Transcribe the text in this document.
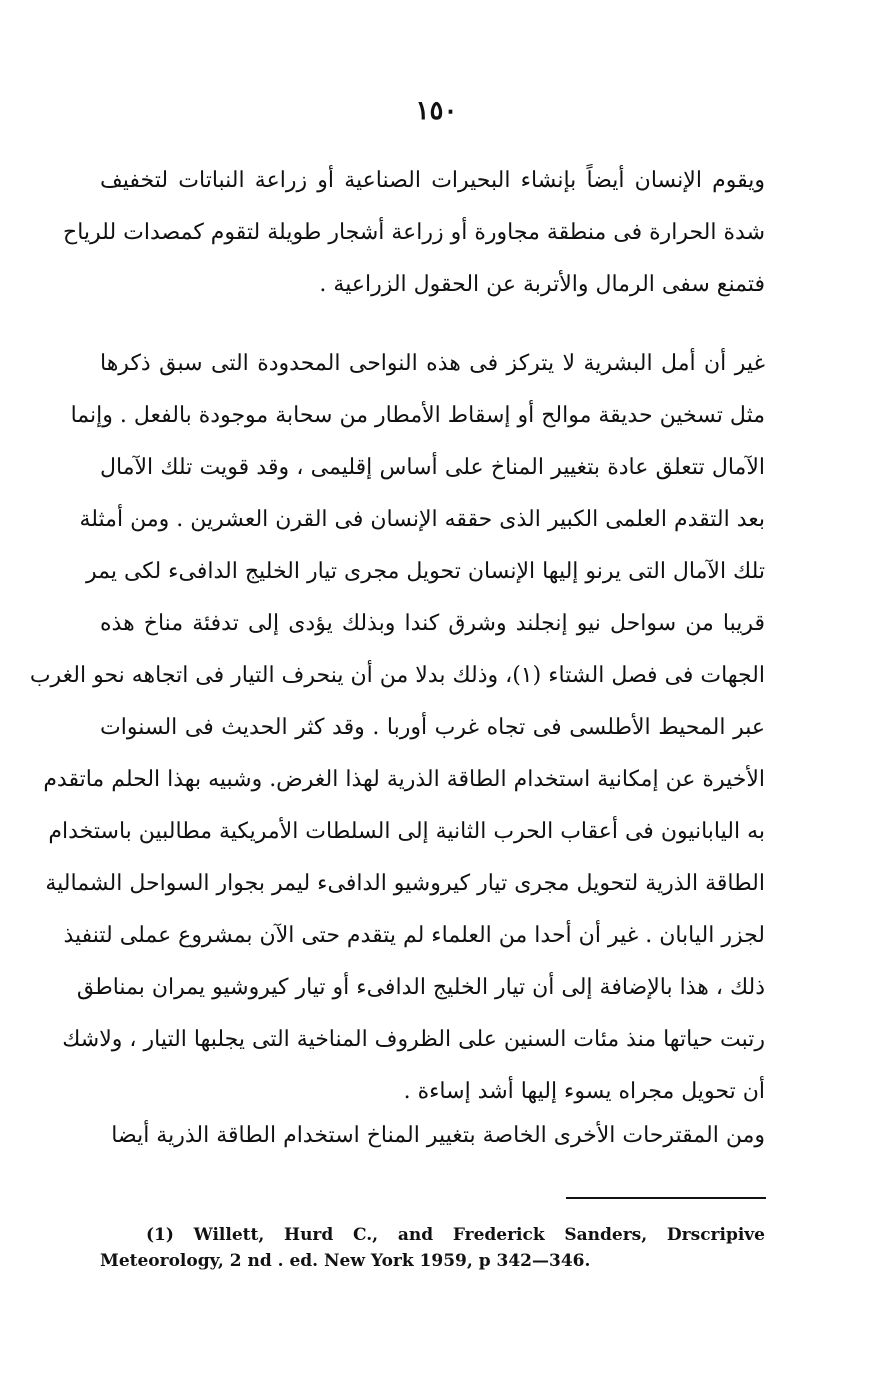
١٥٠
ويقوم الإنسان أيضاً بإنشاء البحيرات الصناعية أو زراعة النباتات لتخفيف
شدة الحرارة فى منطقة مجاورة أو زراعة أشجار طويلة لتقوم كمصدات للرياح
فتمنع سفى الرمال والأتربة عن الحقول الزراعية .
غير أن أمل البشرية لا يتركز فى هذه النواحى المحدودة التى سبق ذكرها
مثل تسخين حديقة موالح أو إسقاط الأمطار من سحابة موجودة بالفعل . وإنما
الآمال تتعلق عادة بتغيير المناخ على أساس إقليمى ، وقد قويت تلك الآمال
بعد التقدم العلمى الكبير الذى حققه الإنسان فى القرن العشرين . ومن أمثلة
تلك الآمال التى يرنو إليها الإنسان تحويل مجرى تيار الخليج الدافىء لكى يمر
قريبا من سواحل نيو إنجلند وشرق كندا وبذلك يؤدى إلى تدفئة مناخ هذه
الجهات فى فصل الشتاء (١)، وذلك بدلا من أن ينحرف التيار فى اتجاهه نحو الغرب
عبر المحيط الأطلسى فى تجاه غرب أوربا . وقد كثر الحديث فى السنوات
الأخيرة عن إمكانية استخدام الطاقة الذرية لهذا الغرض. وشبيه بهذا الحلم ماتقدم
به اليابانيون فى أعقاب الحرب الثانية إلى السلطات الأمريكية مطالبين باستخدام
الطاقة الذرية لتحويل مجرى تيار كيروشيو الدافىء ليمر بجوار السواحل الشمالية
لجزر اليابان . غير أن أحدا من العلماء لم يتقدم حتى الآن بمشروع عملى لتنفيذ
ذلك ، هذا بالإضافة إلى أن تيار الخليج الدافىء أو تيار كيروشيو يمران بمناطق
رتبت حياتها منذ مئات السنين على الظروف المناخية التى يجلبها التيار ، ولاشك
أن تحويل مجراه يسوء إليها أشد إساءة .
ومن المقترحات الأخرى الخاصة بتغيير المناخ استخدام الطاقة الذرية أيضا
(1) Willett, Hurd C., and Frederick Sanders, Drscripive
Meteorology, 2 nd . ed. New York 1959, p 342—346.
